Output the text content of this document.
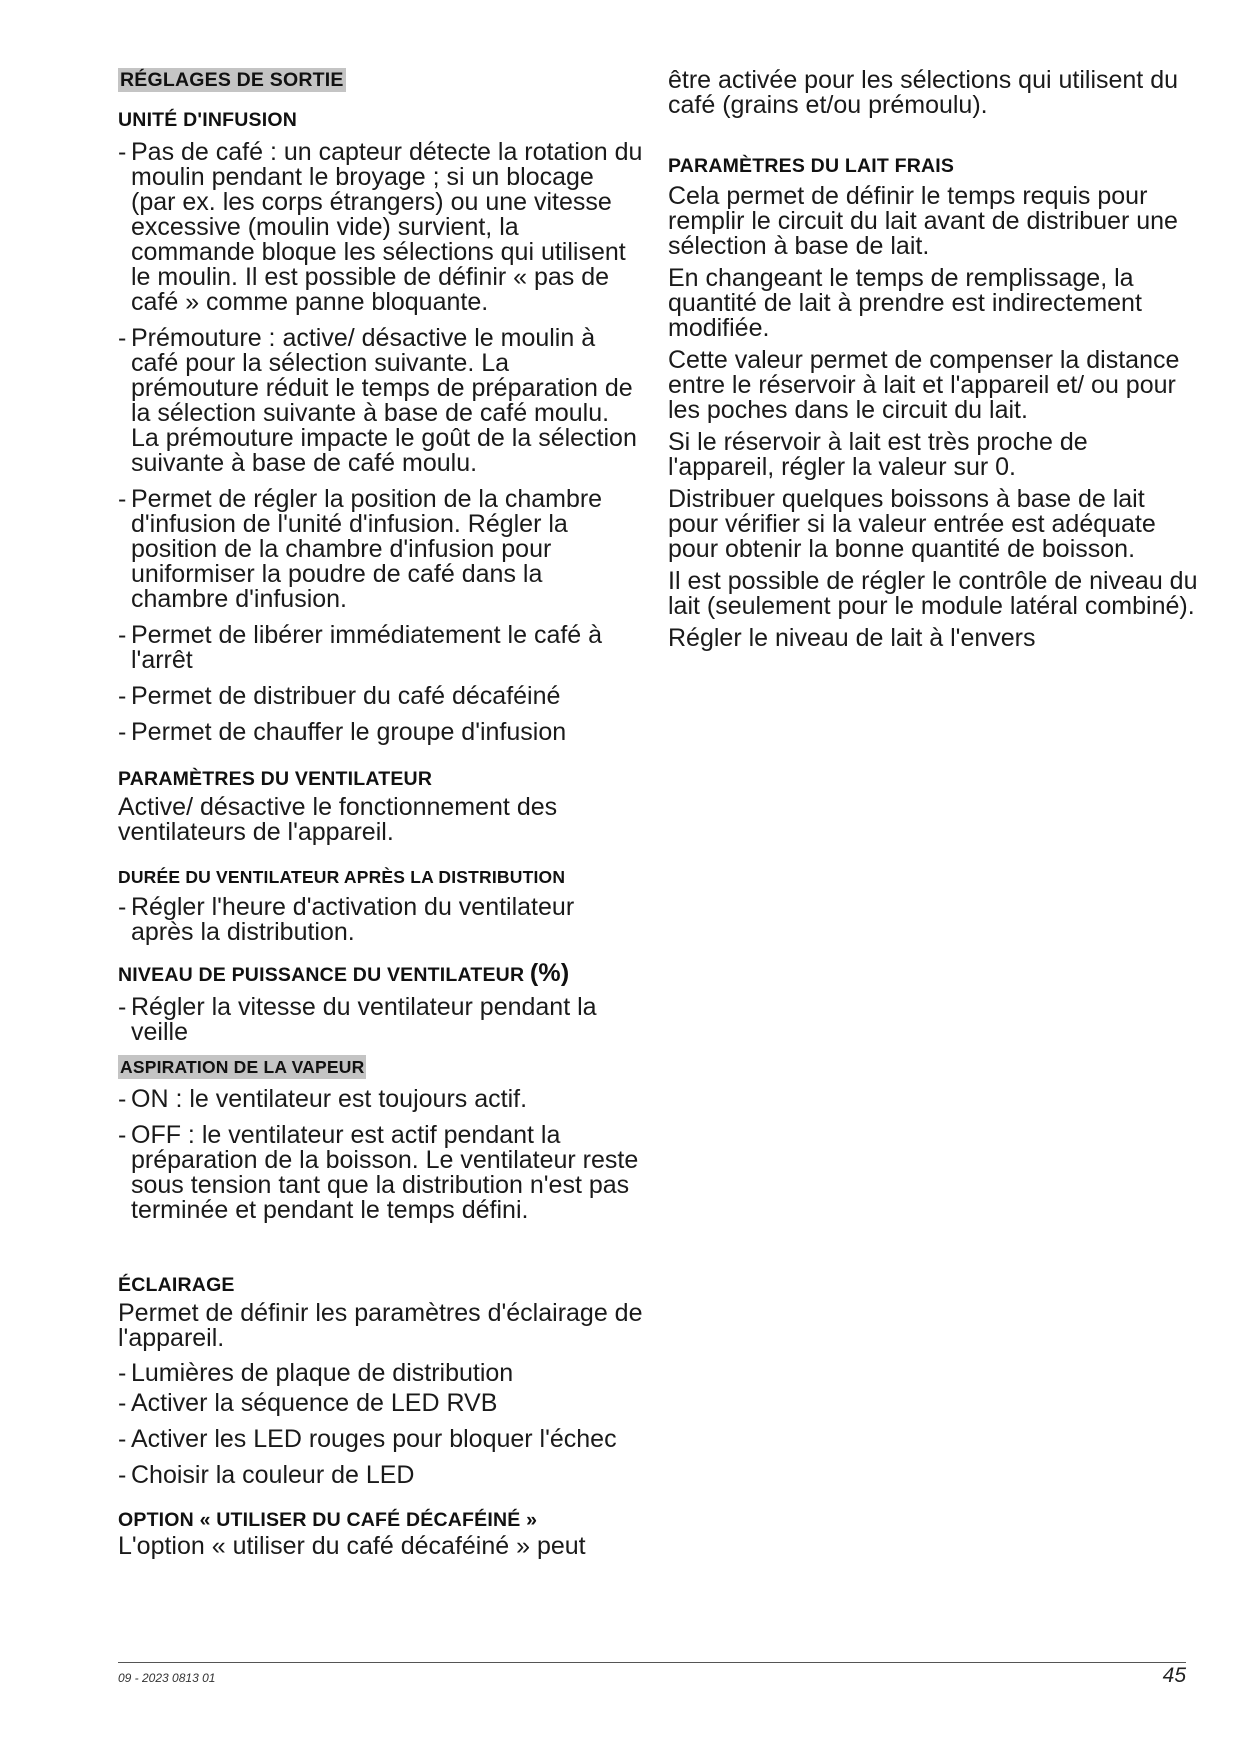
RÉGLAGES DE SORTIE
UNITÉ D'INFUSION
- Pas de café : un capteur détecte la rotation du moulin pendant le broyage ; si un blocage (par ex. les corps étrangers) ou une vitesse excessive (moulin vide) survient, la commande bloque les sélections qui utilisent le moulin. Il est possible de définir « pas de café » comme panne bloquante.
- Prémouture : active/ désactive le moulin à café pour la sélection suivante. La prémouture réduit le temps de préparation de la sélection suivante à base de café moulu. La prémouture impacte le goût de la sélection suivante à base de café moulu.
- Permet de régler la position de la chambre d'infusion de l'unité d'infusion. Régler la position de la chambre d'infusion pour uniformiser la poudre de café dans la chambre d'infusion.
- Permet de libérer immédiatement le café à l'arrêt
- Permet de distribuer du café décaféiné
- Permet de chauffer le groupe d'infusion
PARAMÈTRES DU VENTILATEUR
Active/ désactive le fonctionnement des ventilateurs de l'appareil.
DURÉE DU VENTILATEUR APRÈS LA DISTRIBUTION
- Régler l'heure d'activation du ventilateur après la distribution.
NIVEAU DE PUISSANCE DU VENTILATEUR (%)
- Régler la vitesse du ventilateur pendant la veille
ASPIRATION DE LA VAPEUR
- ON : le ventilateur est toujours actif.
- OFF : le ventilateur est actif pendant la préparation de la boisson. Le ventilateur reste sous tension tant que la distribution n'est pas terminée et pendant le temps défini.
ÉCLAIRAGE
Permet de définir les paramètres d'éclairage de l'appareil.
- Lumières de plaque de distribution
- Activer la séquence de LED RVB
- Activer les LED rouges pour bloquer l'échec
- Choisir la couleur de LED
OPTION « UTILISER DU CAFÉ DÉCAFÉINÉ »
L'option « utiliser du café décaféiné » peut
être activée pour les sélections qui utilisent du café (grains et/ou prémoulu).
PARAMÈTRES DU LAIT FRAIS
Cela permet de définir le temps requis pour remplir le circuit du lait avant de distribuer une sélection à base de lait.
En changeant le temps de remplissage, la quantité de lait à prendre est indirectement modifiée.
Cette valeur permet de compenser la distance entre le réservoir à lait et l'appareil et/ ou pour les poches dans le circuit du lait.
Si le réservoir à lait est très proche de l'appareil, régler la valeur sur 0.
Distribuer quelques boissons à base de lait pour vérifier si la valeur entrée est adéquate pour obtenir la bonne quantité de boisson.
Il est possible de régler le contrôle de niveau du lait (seulement pour le module latéral combiné).
Régler le niveau de lait à l'envers
09 - 2023 0813 01	45
